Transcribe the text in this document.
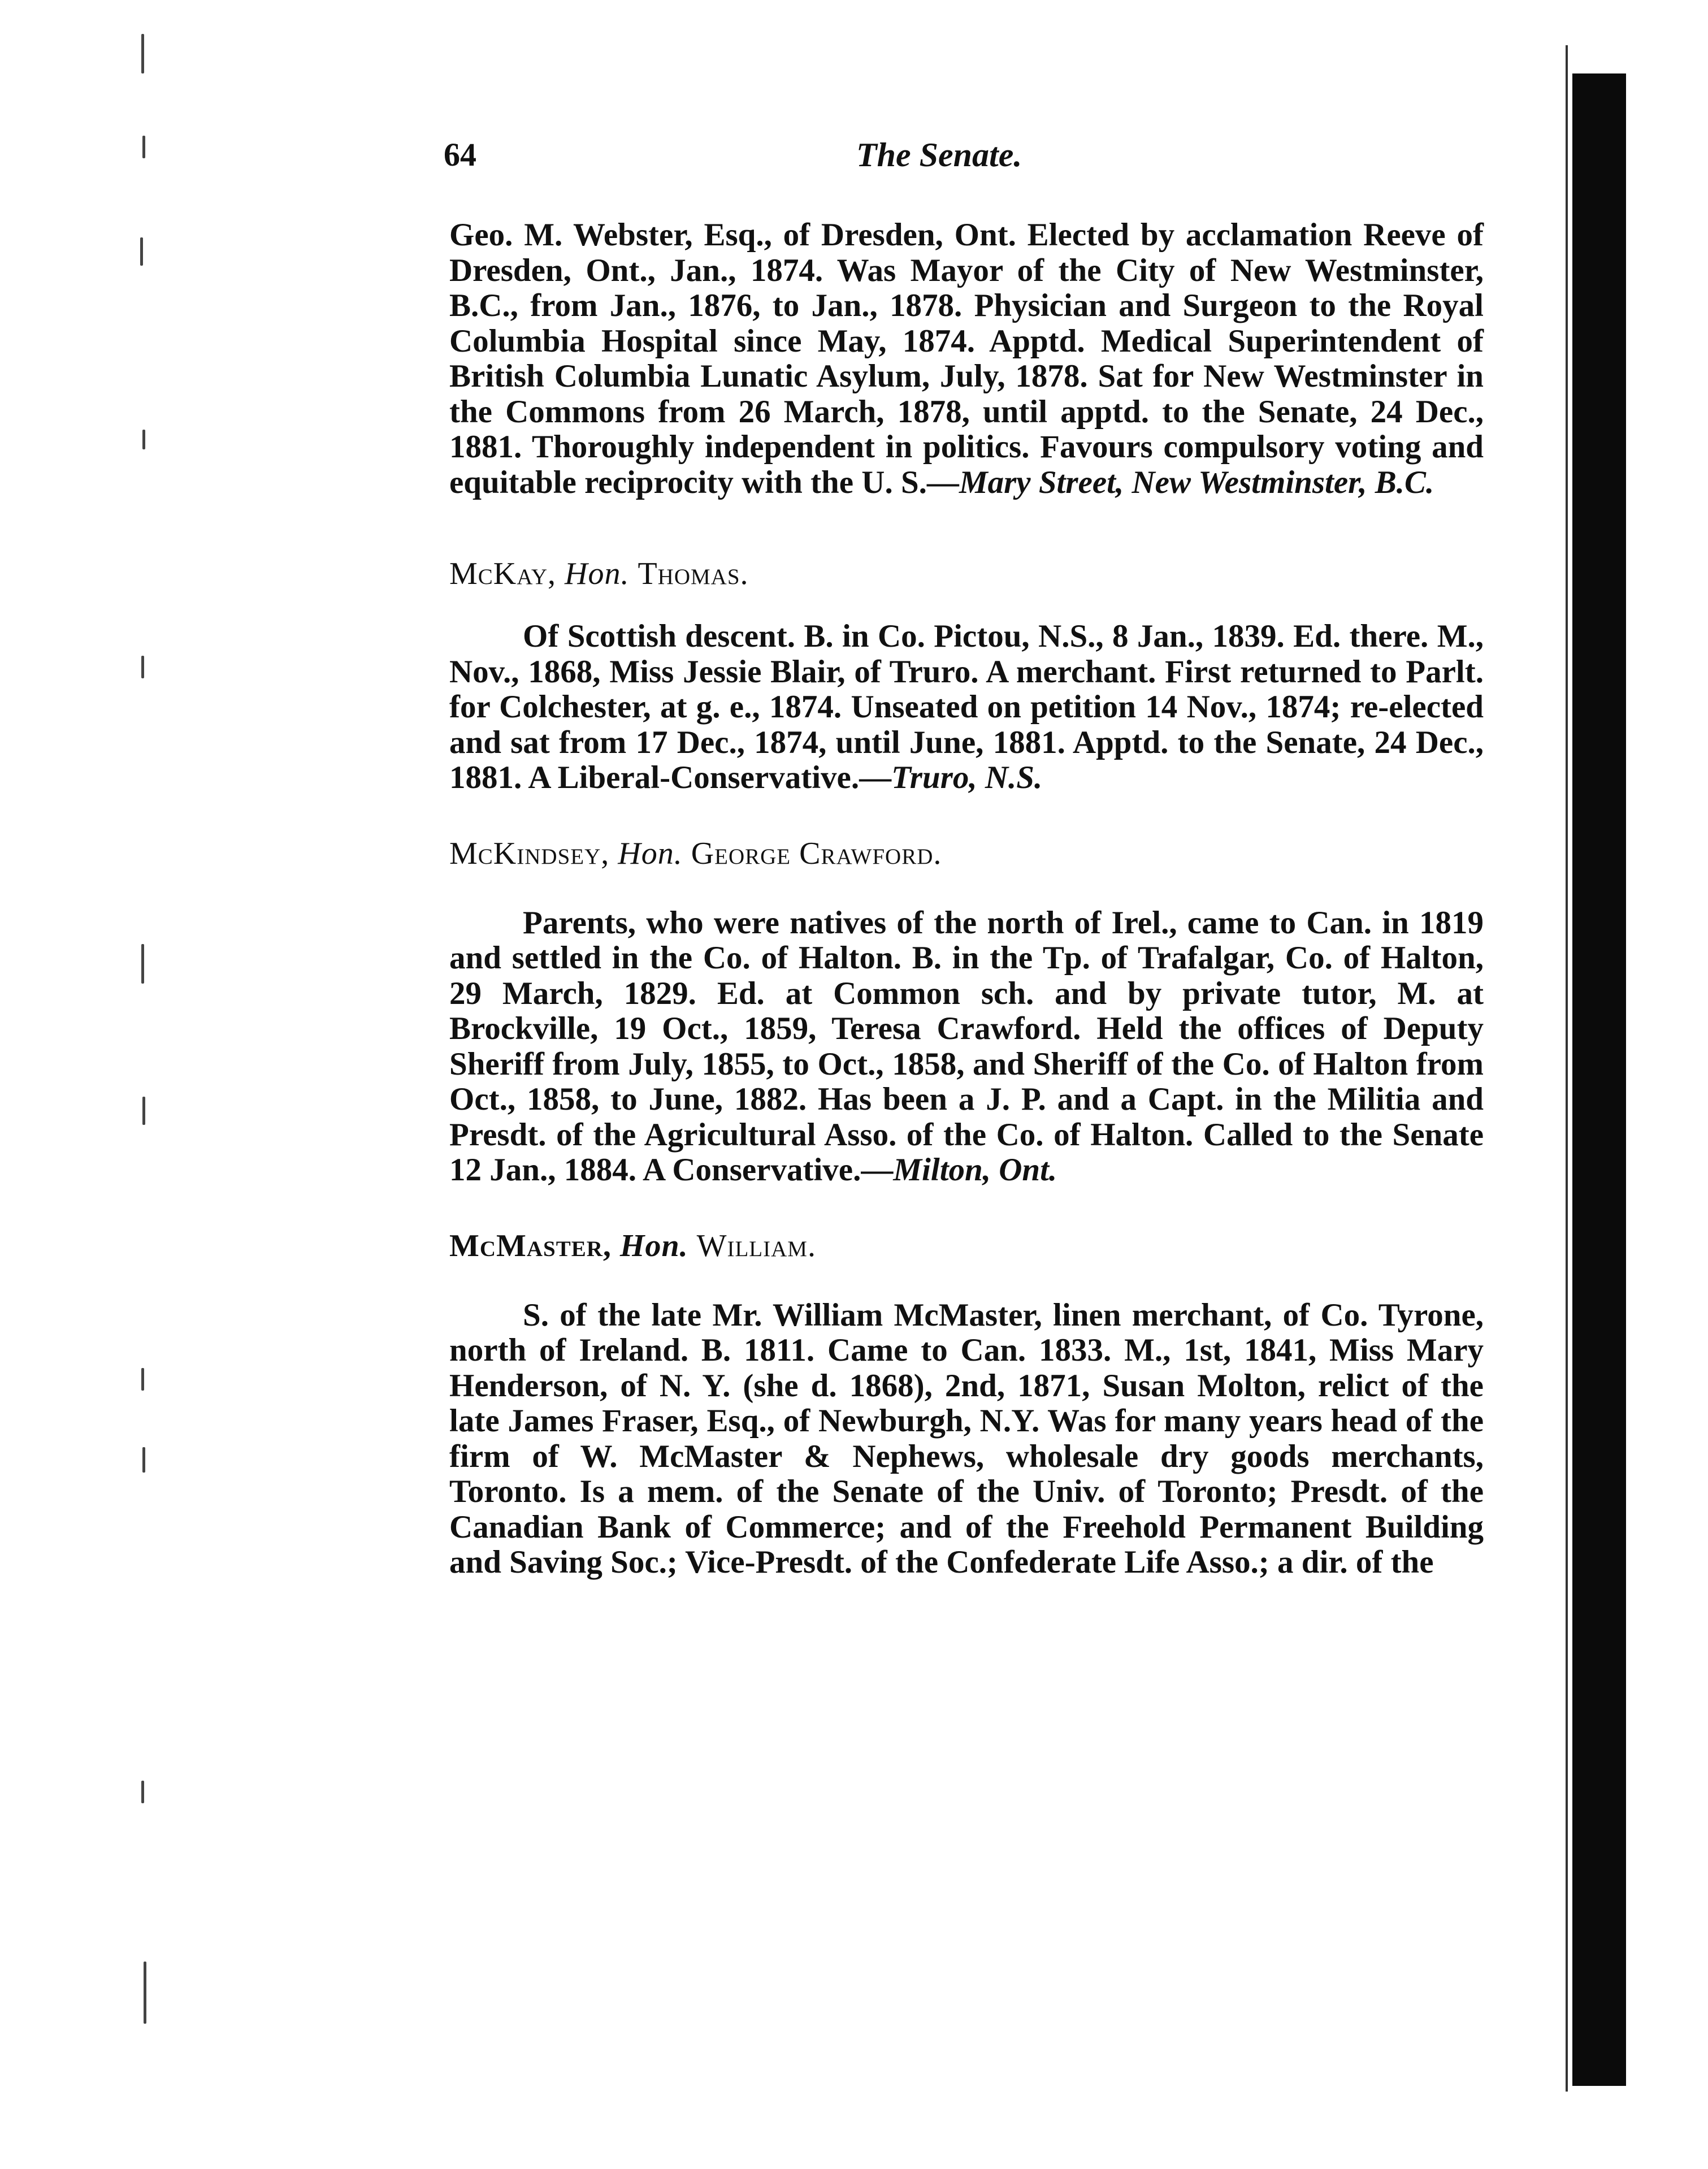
64	The Senate.

Geo. M. Webster, Esq., of Dresden, Ont. Elected by acclamation Reeve of Dresden, Ont., Jan., 1874. Was Mayor of the City of New Westminster, B.C., from Jan., 1876, to Jan., 1878. Physician and Surgeon to the Royal Columbia Hospital since May, 1874. Apptd. Medical Superintendent of British Columbia Lunatic Asylum, July, 1878. Sat for New Westminster in the Commons from 26 March, 1878, until apptd. to the Senate, 24 Dec., 1881. Thoroughly independent in politics. Favours compulsory voting and equitable reciprocity with the U. S.—Mary Street, New Westminster, B.C.

McKay, Hon. Thomas.

Of Scottish descent. B. in Co. Pictou, N.S., 8 Jan., 1839. Ed. there. M., Nov., 1868, Miss Jessie Blair, of Truro. A merchant. First returned to Parlt. for Colchester, at g. e., 1874. Unseated on petition 14 Nov., 1874; re-elected and sat from 17 Dec., 1874, until June, 1881. Apptd. to the Senate, 24 Dec., 1881. A Liberal-Conservative.—Truro, N.S.

McKindsey, Hon. George Crawford.

Parents, who were natives of the north of Irel., came to Can. in 1819 and settled in the Co. of Halton. B. in the Tp. of Trafalgar, Co. of Halton, 29 March, 1829. Ed. at Common sch. and by private tutor, M. at Brockville, 19 Oct., 1859, Teresa Crawford. Held the offices of Deputy Sheriff from July, 1855, to Oct., 1858, and Sheriff of the Co. of Halton from Oct., 1858, to June, 1882. Has been a J. P. and a Capt. in the Militia and Presdt. of the Agricultural Asso. of the Co. of Halton. Called to the Senate 12 Jan., 1884. A Conservative.—Milton, Ont.

McMaster, Hon. William.

S. of the late Mr. William McMaster, linen merchant, of Co. Tyrone, north of Ireland. B. 1811. Came to Can. 1833. M., 1st, 1841, Miss Mary Henderson, of N. Y. (she d. 1868), 2nd, 1871, Susan Molton, relict of the late James Fraser, Esq., of Newburgh, N.Y. Was for many years head of the firm of W. McMaster & Nephews, wholesale dry goods merchants, Toronto. Is a mem. of the Senate of the Univ. of Toronto; Presdt. of the Canadian Bank of Commerce; and of the Freehold Permanent Building and Saving Soc.; Vice-Presdt. of the Confederate Life Asso.; a dir. of the
